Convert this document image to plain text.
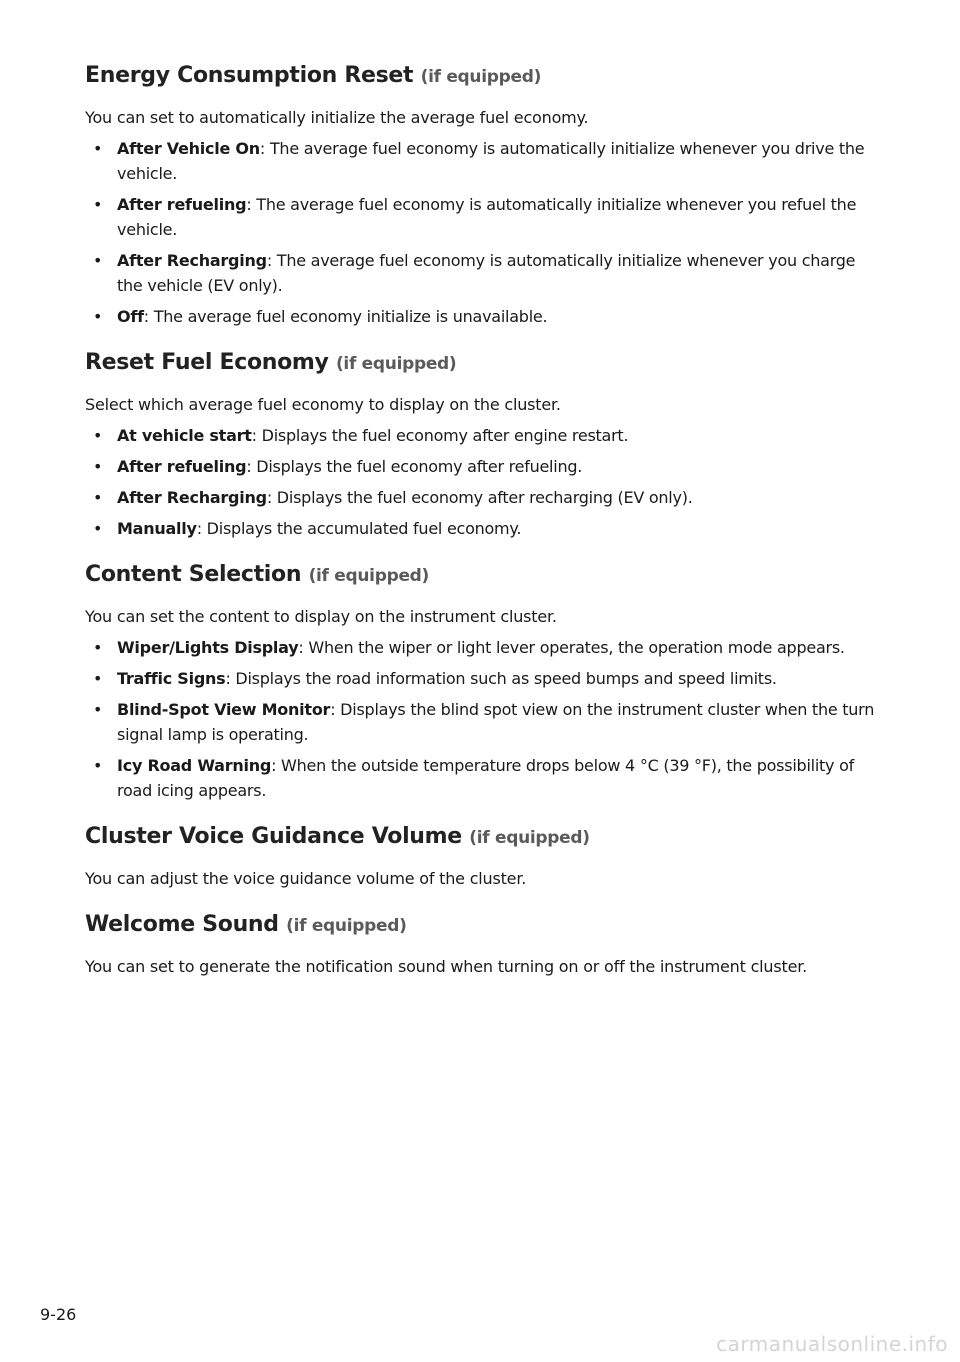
Energy Consumption Reset (if equipped)

You can set to automatically initialize the average fuel economy.

• After Vehicle On: The average fuel economy is automatically initialize whenever you drive the vehicle.
• After refueling: The average fuel economy is automatically initialize whenever you refuel the vehicle.
• After Recharging: The average fuel economy is automatically initialize whenever you charge the vehicle (EV only).
• Off: The average fuel economy initialize is unavailable.
Reset Fuel Economy (if equipped)

Select which average fuel economy to display on the cluster.

• At vehicle start: Displays the fuel economy after engine restart.
• After refueling: Displays the fuel economy after refueling.
• After Recharging: Displays the fuel economy after recharging (EV only).
• Manually: Displays the accumulated fuel economy.
Content Selection (if equipped)

You can set the content to display on the instrument cluster.

• Wiper/Lights Display: When the wiper or light lever operates, the operation mode appears.
• Traffic Signs: Displays the road information such as speed bumps and speed limits.
• Blind-Spot View Monitor: Displays the blind spot view on the instrument cluster when the turn signal lamp is operating.
• Icy Road Warning: When the outside temperature drops below 4 °C (39 °F), the possibility of road icing appears.
Cluster Voice Guidance Volume (if equipped)

You can adjust the voice guidance volume of the cluster.

Welcome Sound (if equipped)

You can set to generate the notification sound when turning on or off the instrument cluster.

9-26
carmanualsonline.info
